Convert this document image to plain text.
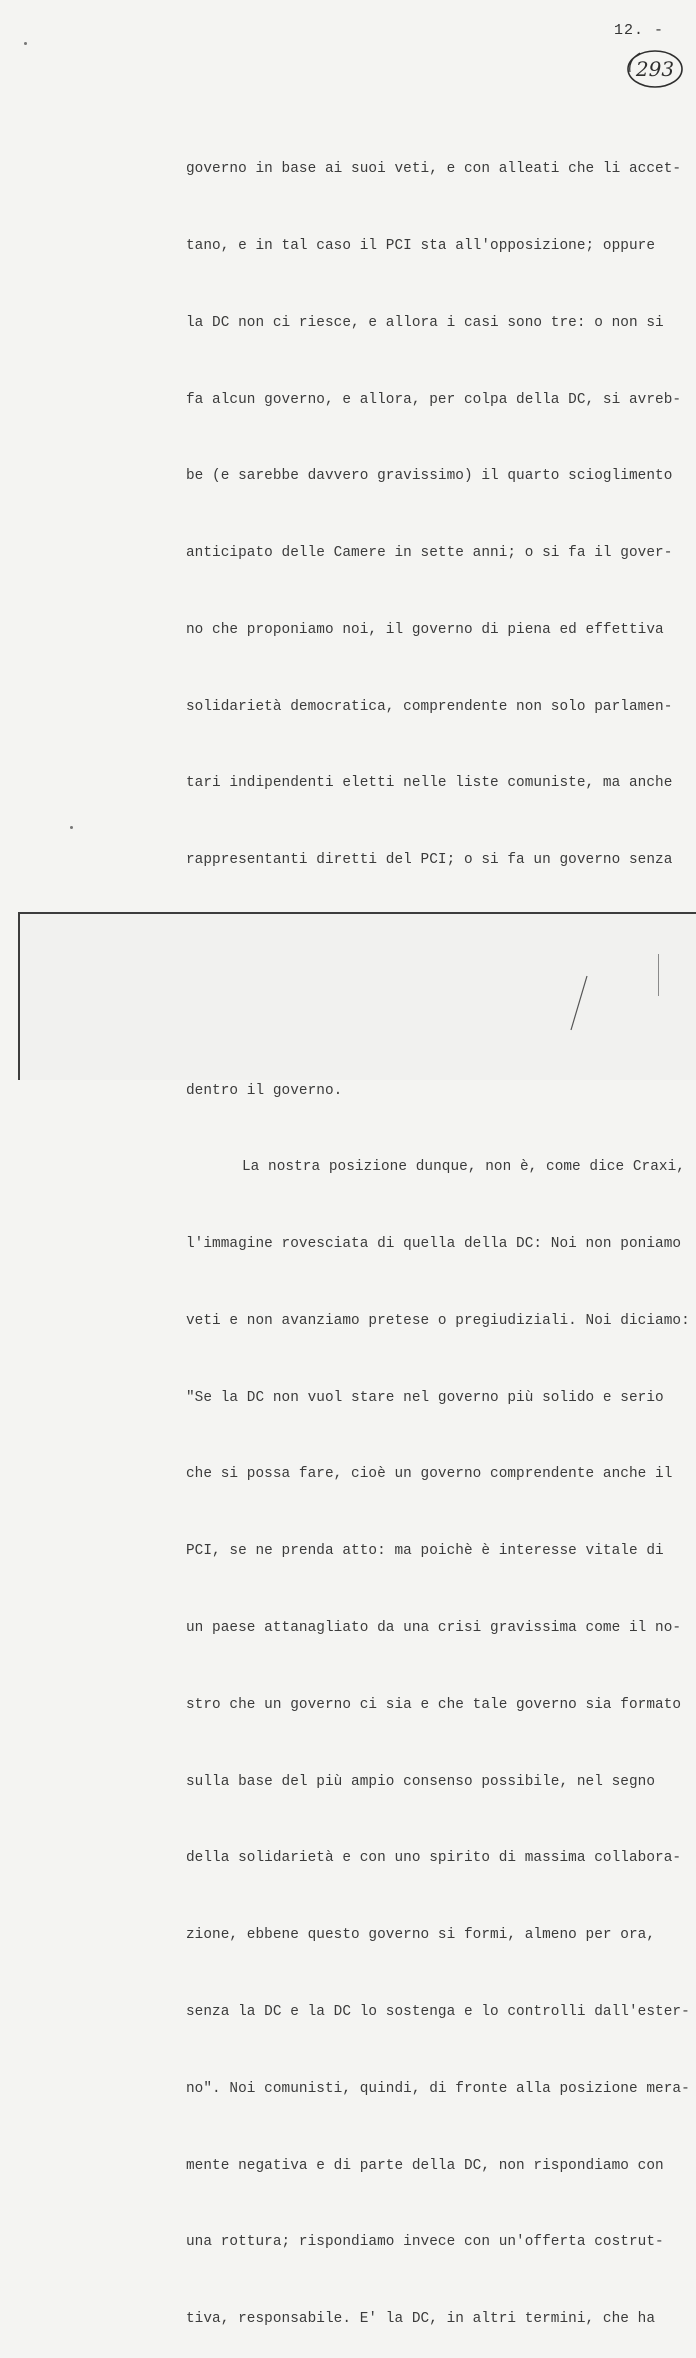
12. -
293

governo in base ai suoi veti, e con alleati che li accet-

tano, e in tal caso il PCI sta all'opposizione; oppure

la DC non ci riesce, e allora i casi sono tre: o non si

fa alcun governo, e allora, per colpa della DC, si avreb-

be (e sarebbe davvero gravissimo) il quarto scioglimento

anticipato delle Camere in sette anni; o si fa il gover-

no che proponiamo noi, il governo di piena ed effettiva

solidarietà democratica, comprendente non solo parlamen-

tari indipendenti eletti nelle liste comuniste, ma anche

rappresentanti diretti del PCI; o si fa un governo senza

dentro il governo.

La nostra posizione dunque, non è, come dice Craxi,

l'immagine rovesciata di quella della DC: Noi non poniamo

veti e non avanziamo pretese o pregiudiziali. Noi diciamo:

"Se la DC non vuol stare nel governo più solido e serio

che si possa fare, cioè un governo comprendente anche il

PCI, se ne prenda atto: ma poichè è interesse vitale di

un paese attanagliato da una crisi gravissima come il no-

stro che un governo ci sia e che tale governo sia formato

sulla base del più ampio consenso possibile, nel segno

della solidarietà e con uno spirito di massima collabora-

zione, ebbene questo governo si formi, almeno per ora,

senza la DC e la DC lo sostenga e lo controlli dall'ester-

no". Noi comunisti, quindi, di fronte alla posizione mera-

mente negativa e di parte della DC, non rispondiamo con

una rottura; rispondiamo invece con un'offerta costrut-

tiva, responsabile. E' la DC, in altri termini, che ha
